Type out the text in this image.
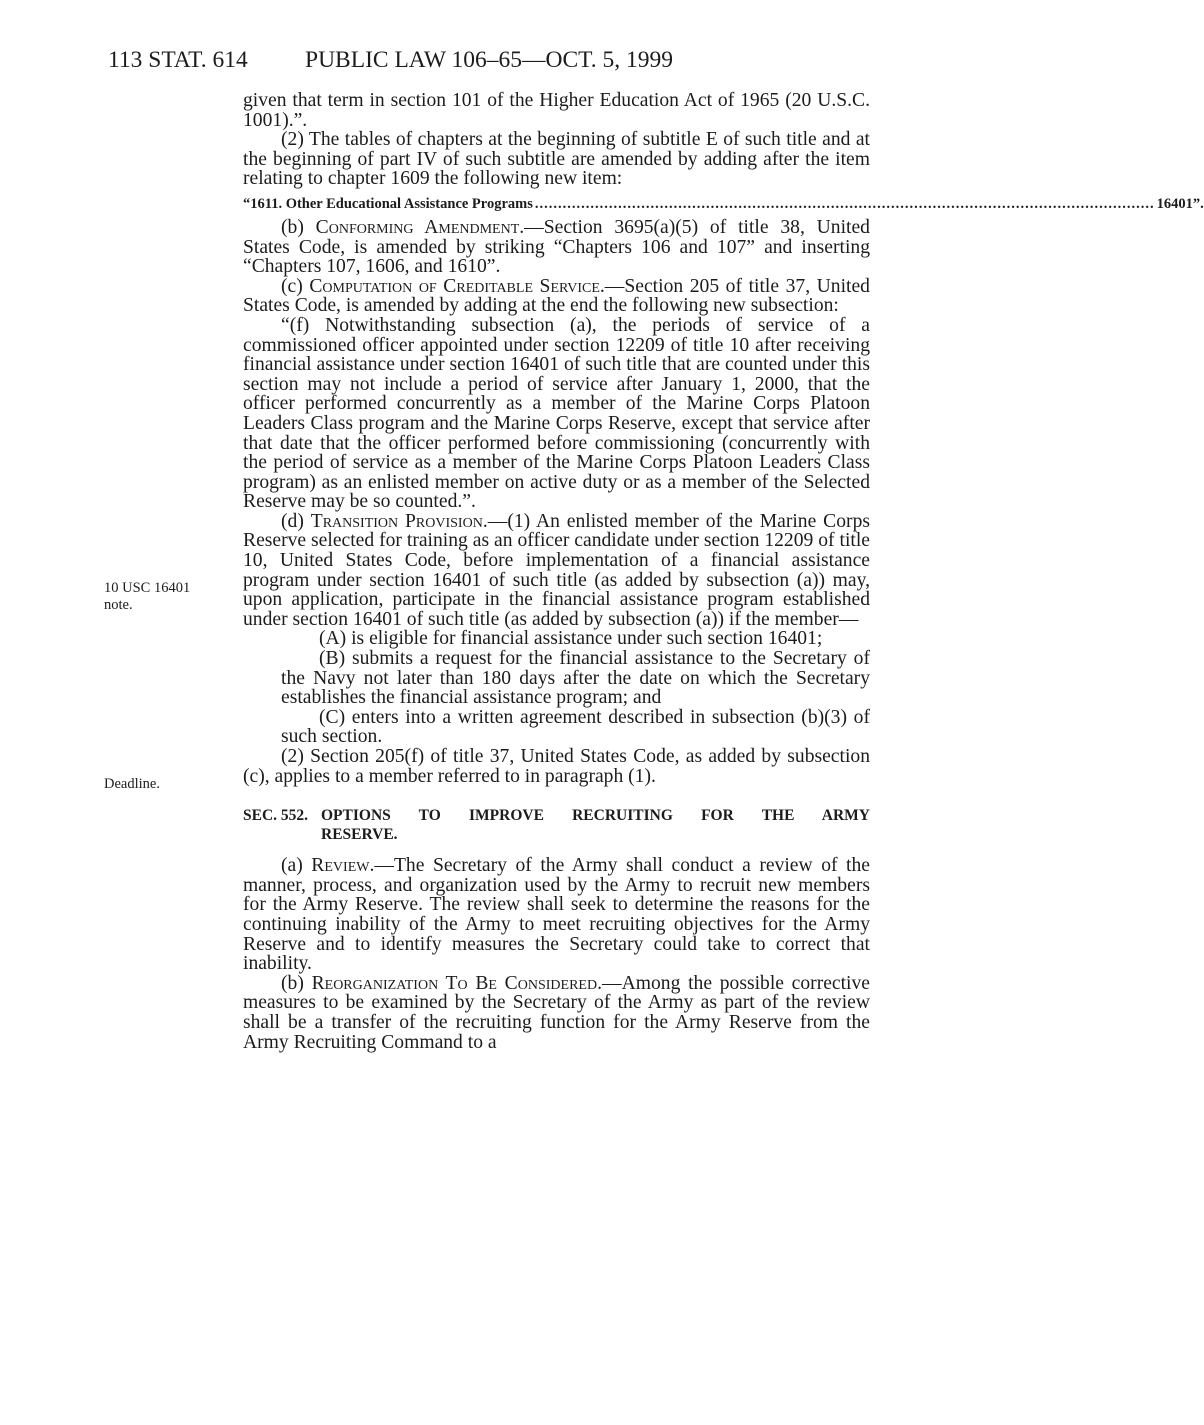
113 STAT. 614 PUBLIC LAW 106–65—OCT. 5, 1999
10 USC 16401
note.
Deadline.

given that term in section 101 of the Higher Education Act of 1965 (20 U.S.C. 1001).”.

(2) The tables of chapters at the beginning of subtitle E of such title and at the beginning of part IV of such subtitle are amended by adding after the item relating to chapter 1609 the following new item:

“1611. Other Educational Assistance Programs ...................................................................................................................................... 16401”.

(b) Conforming Amendment.—Section 3695(a)(5) of title 38, United States Code, is amended by striking “Chapters 106 and 107” and inserting “Chapters 107, 1606, and 1610”.

(c) Computation of Creditable Service.—Section 205 of title 37, United States Code, is amended by adding at the end the following new subsection:

“(f) Notwithstanding subsection (a), the periods of service of a commissioned officer appointed under section 12209 of title 10 after receiving financial assistance under section 16401 of such title that are counted under this section may not include a period of service after January 1, 2000, that the officer performed concurrently as a member of the Marine Corps Platoon Leaders Class program and the Marine Corps Reserve, except that service after that date that the officer performed before commissioning (concurrently with the period of service as a member of the Marine Corps Platoon Leaders Class program) as an enlisted member on active duty or as a member of the Selected Reserve may be so counted.”.

(d) Transition Provision.—(1) An enlisted member of the Marine Corps Reserve selected for training as an officer candidate under section 12209 of title 10, United States Code, before implementation of a financial assistance program under section 16401 of such title (as added by subsection (a)) may, upon application, participate in the financial assistance program established under section 16401 of such title (as added by subsection (a)) if the member—

(A) is eligible for financial assistance under such section 16401;

(B) submits a request for the financial assistance to the Secretary of the Navy not later than 180 days after the date on which the Secretary establishes the financial assistance program; and

(C) enters into a written agreement described in subsection (b)(3) of such section.

(2) Section 205(f) of title 37, United States Code, as added by subsection (c), applies to a member referred to in paragraph (1).

SEC. 552. OPTIONS TO IMPROVE RECRUITING FOR THE ARMY RESERVE.

(a) Review.—The Secretary of the Army shall conduct a review of the manner, process, and organization used by the Army to recruit new members for the Army Reserve. The review shall seek to determine the reasons for the continuing inability of the Army to meet recruiting objectives for the Army Reserve and to identify measures the Secretary could take to correct that inability.

(b) Reorganization To Be Considered.—Among the possible corrective measures to be examined by the Secretary of the Army as part of the review shall be a transfer of the recruiting function for the Army Reserve from the Army Recruiting Command to a
